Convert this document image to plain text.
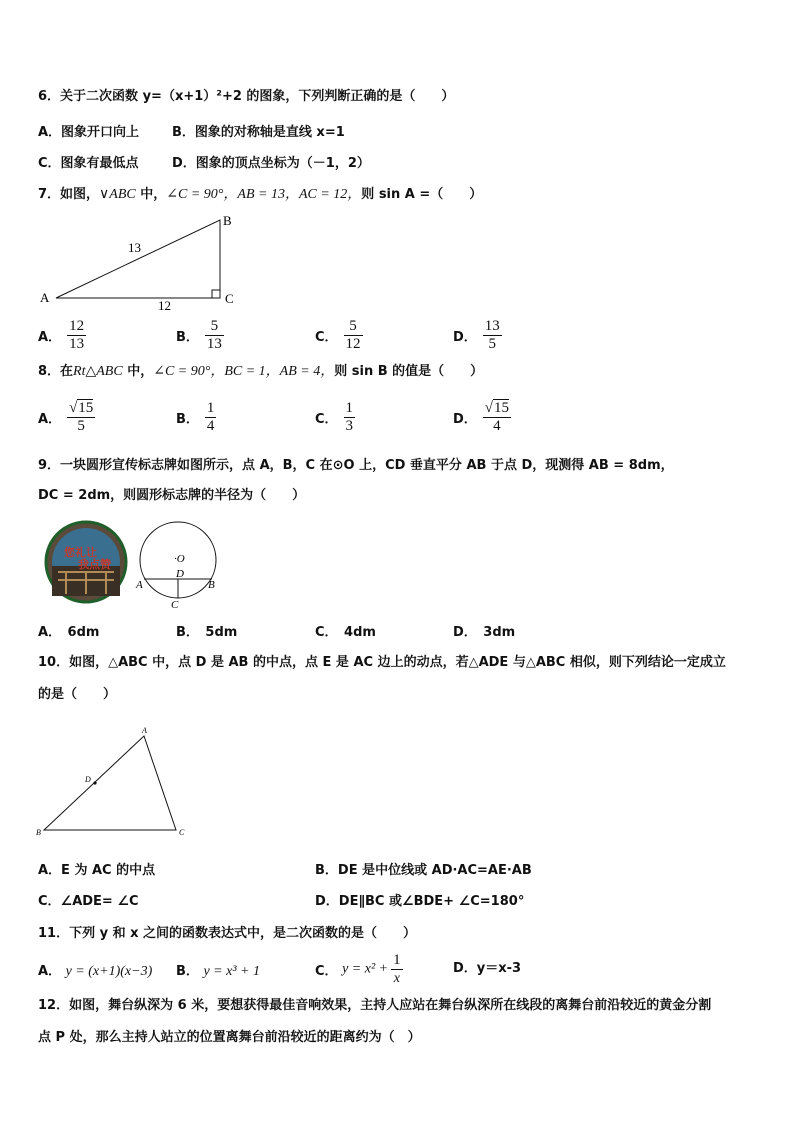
6．关于二次函数 y=（x+1）²+2 的图象，下列判断正确的是（　　）
A．图象开口向上	B．图象的对称轴是直线 x=1
C．图象有最低点	D．图象的顶点坐标为（－1，2）
7．如图，∨ABC 中，∠C = 90°，AB = 13，AC = 12，则 sin A =（　　）
A
B
C
13
12
A． $\frac{12}{13}$	B． $\frac{5}{13}$	C． $\frac{5}{12}$	D． $\frac{13}{5}$
8．在Rt△ABC 中，∠C = 90°，BC = 1，AB = 4，则 sin B 的值是（　　）
A． $\frac{√15}{5}$	B． $\frac{1}{4}$	C． $\frac{1}{3}$	D． $\frac{√15}{4}$
9．一块圆形宣传标志牌如图所示，点 A，B，C 在⊙O 上，CD 垂直平分 AB 于点 D，现测得 AB = 8dm，
DC = 2dm，则圆形标志牌的半径为（　　）
您礼让
我点赞	·O
D
A	B
C
A．　6dm	B．　5dm	C．　4dm	D．　3dm
10．如图，△ABC 中，点 D 是 AB 的中点，点 E 是 AC 边上的动点，若△ADE 与△ABC 相似，则下列结论一定成立
的是（　　）
A
D
B	C
A．E 为 AC 的中点	B．DE 是中位线或 AD·AC=AE·AB
C．∠ADE= ∠C	D．DE∥BC 或∠BDE+ ∠C=180°
11．下列 y 和 x 之间的函数表达式中，是二次函数的是（　　）
A． y = (x+1)(x−3) B． y = x³ + 1	C． $y = x^2 + \frac{1}{x}$	D．y＝x-3
12．如图，舞台纵深为 6 米，要想获得最佳音响效果，主持人应站在舞台纵深所在线段的离舞台前沿较近的黄金分割
点 P 处，那么主持人站立的位置离舞台前沿较近的距离约为（　）
